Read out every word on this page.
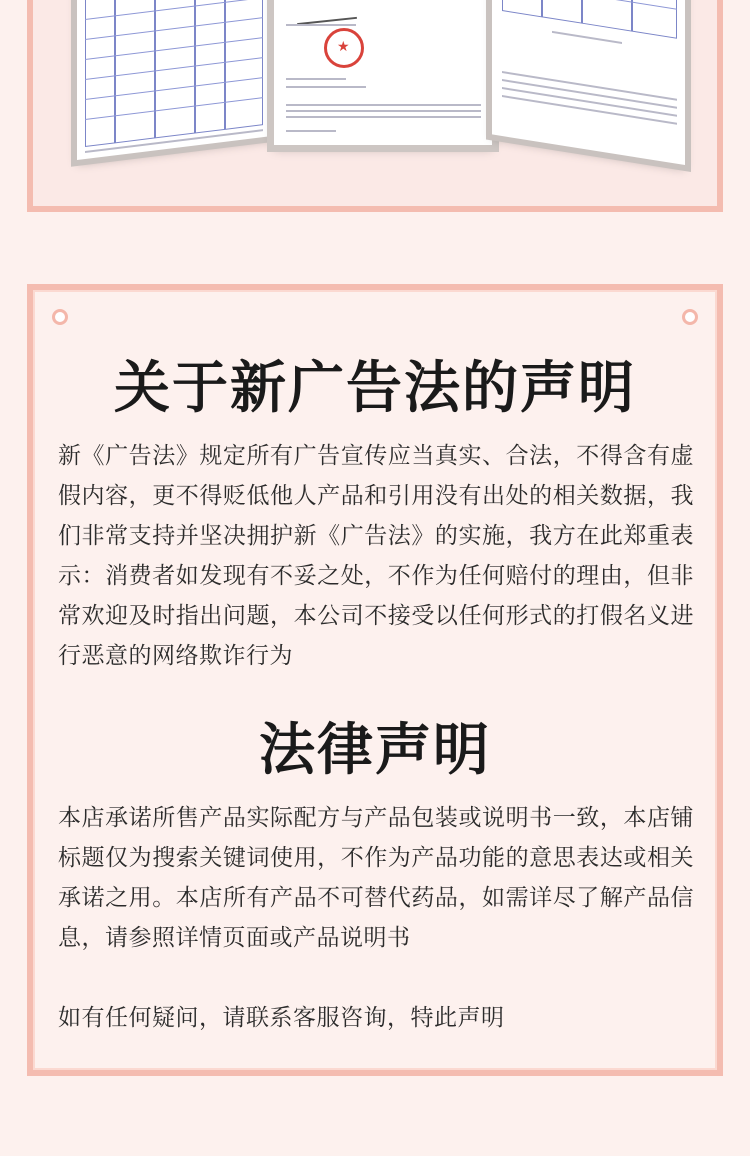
★
关于新广告法的声明
新《广告法》规定所有广告宣传应当真实、合法，不得含有虚假内容，更不得贬低他人产品和引用没有出处的相关数据，我们非常支持并坚决拥护新《广告法》的实施，我方在此郑重表示：消费者如发现有不妥之处，不作为任何赔付的理由，但非常欢迎及时指出问题，本公司不接受以任何形式的打假名义进行恶意的网络欺诈行为
法律声明
本店承诺所售产品实际配方与产品包装或说明书一致，本店铺标题仅为搜索关键词使用，不作为产品功能的意思表达或相关承诺之用。本店所有产品不可替代药品，如需详尽了解产品信息，请参照详情页面或产品说明书
如有任何疑问，请联系客服咨询，特此声明
